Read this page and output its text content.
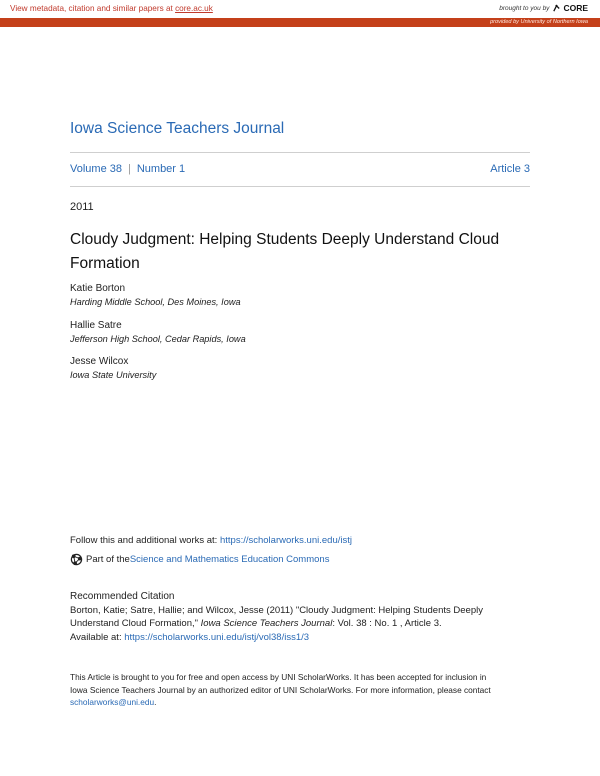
View metadata, citation and similar papers at core.ac.uk	brought to you by CORE
provided by University of Northern Iowa
Iowa Science Teachers Journal
Volume 38 | Number 1	Article 3
2011
Cloudy Judgment: Helping Students Deeply Understand Cloud Formation
Katie Borton
Harding Middle School, Des Moines, Iowa
Hallie Satre
Jefferson High School, Cedar Rapids, Iowa
Jesse Wilcox
Iowa State University
Follow this and additional works at: https://scholarworks.uni.edu/istj
Part of the Science and Mathematics Education Commons
Recommended Citation
Borton, Katie; Satre, Hallie; and Wilcox, Jesse (2011) "Cloudy Judgment: Helping Students Deeply
Understand Cloud Formation," Iowa Science Teachers Journal: Vol. 38 : No. 1 , Article 3.
Available at: https://scholarworks.uni.edu/istj/vol38/iss1/3
This Article is brought to you for free and open access by UNI ScholarWorks. It has been accepted for inclusion in
Iowa Science Teachers Journal by an authorized editor of UNI ScholarWorks. For more information, please contact
scholarworks@uni.edu.
